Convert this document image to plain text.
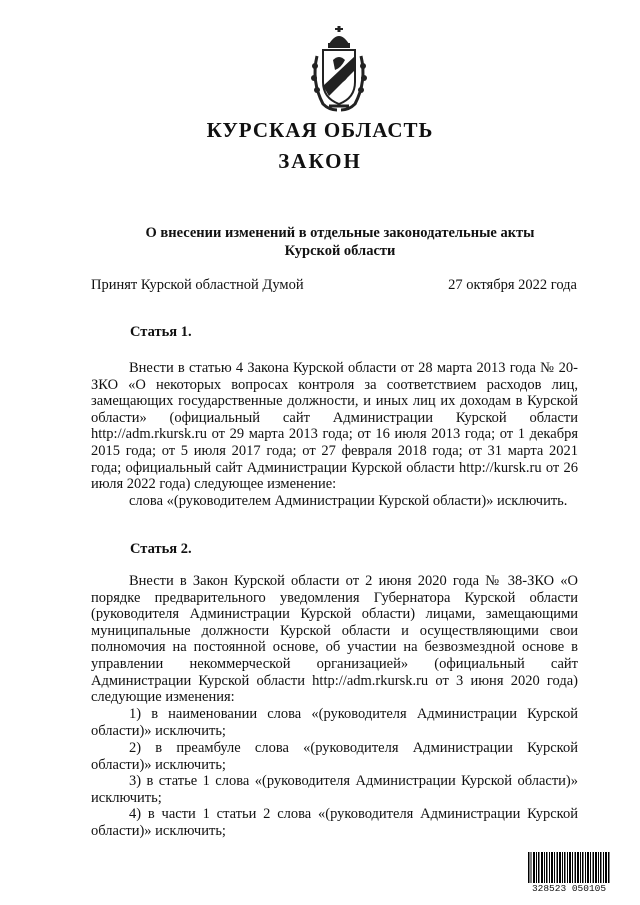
КУРСКАЯ ОБЛАСТЬ
ЗАКОН
О внесении изменений в отдельные законодательные акты
Курской области
Принят Курской областной Думой	27 октября 2022 года
Статья 1.

Внести в статью 4 Закона Курской области от 28 марта 2013 года № 20-ЗКО «О некоторых вопросах контроля за соответствием расходов лиц, замещающих государственные должности, и иных лиц их доходам в Курской области» (официальный сайт Администрации Курской области http://adm.rkursk.ru от 29 марта 2013 года; от 16 июля 2013 года; от 1 декабря 2015 года; от 5 июля 2017 года; от 27 февраля 2018 года; от 31 марта 2021 года; официальный сайт Администрации Курской области http://kursk.ru от 26 июля 2022 года) следующее изменение:

слова «(руководителем Администрации Курской области)» исключить.

Статья 2.

Внести в Закон Курской области от 2 июня 2020 года № 38-ЗКО «О порядке предварительного уведомления Губернатора Курской области (руководителя Администрации Курской области) лицами, замещающими муниципальные должности Курской области и осуществляющими свои полномочия на постоянной основе, об участии на безвозмездной основе в управлении некоммерческой организацией» (официальный сайт Администрации Курской области http://adm.rkursk.ru от 3 июня 2020 года) следующие изменения:

1) в наименовании слова «(руководителя Администрации Курской области)» исключить;

2) в преамбуле слова «(руководителя Администрации Курской области)» исключить;

3) в статье 1 слова «(руководителя Администрации Курской области)» исключить;

4) в части 1 статьи 2 слова «(руководителя Администрации Курской области)» исключить;

328523 050105
